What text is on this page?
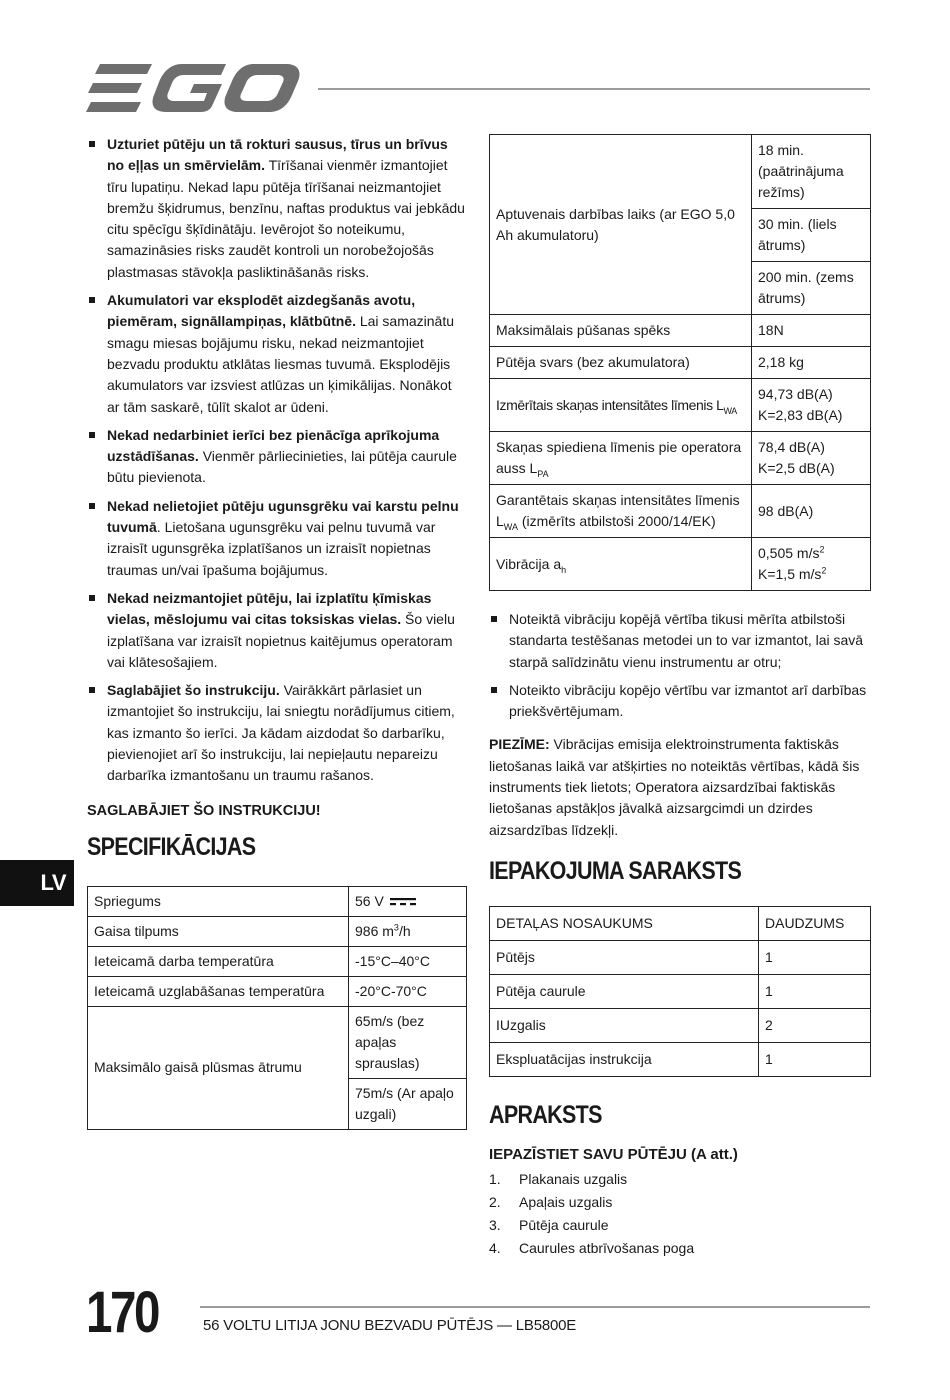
Uzturiet pūtēju un tā rokturi sausus, tīrus un brīvus no eļļas un smērvielām. Tīrīšanai vienmēr izmantojiet tīru lupatiņu. Nekad lapu pūtēja tīrīšanai neizmantojiet bremžu šķidrumus, benzīnu, naftas produktus vai jebkādu citu spēcīgu šķīdinātāju. Ievērojot šo noteikumu, samazināsies risks zaudēt kontroli un norobežojošās plastmasas stāvokļa pasliktināšanās risks.
Akumulatori var eksplodēt aizdegšanās avotu, piemēram, signāllampiņas, klātbūtnē. Lai samazinātu smagu miesas bojājumu risku, nekad neizmantojiet bezvadu produktu atklātas liesmas tuvumā. Eksplodējis akumulators var izsviest atlūzas un ķimikālijas. Nonākot ar tām saskarē, tūlīt skalot ar ūdeni.
Nekad nedarbiniet ierīci bez pienācīga aprīkojuma uzstādīšanas. Vienmēr pārliecinieties, lai pūtēja caurule būtu pievienota.
Nekad nelietojiet pūtēju ugunsgrēku vai karstu pelnu tuvumā. Lietošana ugunsgrēku vai pelnu tuvumā var izraisīt ugunsgrēka izplatīšanos un izraisīt nopietnas traumas un/vai īpašuma bojājumus.
Nekad neizmantojiet pūtēju, lai izplatītu ķīmiskas vielas, mēslojumu vai citas toksiskas vielas. Šo vielu izplatīšana var izraisīt nopietnus kaitējumus operatoram vai klātesošajiem.
Saglabājiet šo instrukciju. Vairākkārt pārlasiet un izmantojiet šo instrukciju, lai sniegtu norādījumus citiem, kas izmanto šo ierīci. Ja kādam aizdodat šo darbarīku, pievienojiet arī šo instrukciju, lai nepieļautu nepareizu darbarīka izmantošanu un traumu rašanos.
SAGLABĀJIET ŠO INSTRUKCIJU!
SPECIFIKĀCIJAS
Spriegums	56 V
Gaisa tilpums	986 $m^3/h$
Ieteicamā darba temperatūra	-15°C–40°C
Ieteicamā uzglabāšanas temperatūra	-20°C-70°C
Maksimālo gaisā plūsmas ātrumu	65m/s (bez apaļas sprauslas)
	75m/s (Ar apaļo uzgali)
Aptuvenais darbības laiks (ar EGO 5,0 Ah akumulatoru)	18 min. (paātrinājuma režīms)
	30 min. (liels ātrums)
	200 min. (zems ātrums)
Maksimālais pūšanas spēks	18N
Pūtēja svars (bez akumulatora)	2,18 kg
Izmērītais skaņas intensitātes līmenis $L_{WA}$	94,73 dB(A)
K=2,83 dB(A)
Skaņas spiediena līmenis pie operatora auss $L_{PA}$	78,4 dB(A)
K=2,5 dB(A)
Garantētais skaņas intensitātes līmenis $L_{WA}$ (izmērīts atbilstoši 2000/14/EK)	98 dB(A)
Vibrācija $a_h$	0,505 $m/s^2$
K=1,5 $m/s^2$
Noteiktā vibrāciju kopējā vērtība tikusi mērīta atbilstoši standarta testēšanas metodei un to var izmantot, lai savā starpā salīdzinātu vienu instrumentu ar otru;
Noteikto vibrāciju kopējo vērtību var izmantot arī darbības priekšvērtējumam.

PIEZĪME: Vibrācijas emisija elektroinstrumenta faktiskās lietošanas laikā var atšķirties no noteiktās vērtības, kādā šis instruments tiek lietots; Operatora aizsardzībai faktiskās lietošanas apstākļos jāvalkā aizsargcimdi un dzirdes aizsardzības līdzekļi.

IEPAKOJUMA SARAKSTS
DETAĻAS NOSAUKUMS	DAUDZUMS
Pūtējs	1
Pūtēja caurule	1
IUzgalis	2
Ekspluatācijas instrukcija	1
APRAKSTS
IEPAZĪSTIET SAVU PŪTĒJU (A att.)
1. Plakanais uzgalis
2. Apaļais uzgalis
3. Pūtēja caurule
4. Caurules atbrīvošanas poga
LV
170	56 VOLTU LITIJA JONU BEZVADU PŪTĒJS — LB5800E
